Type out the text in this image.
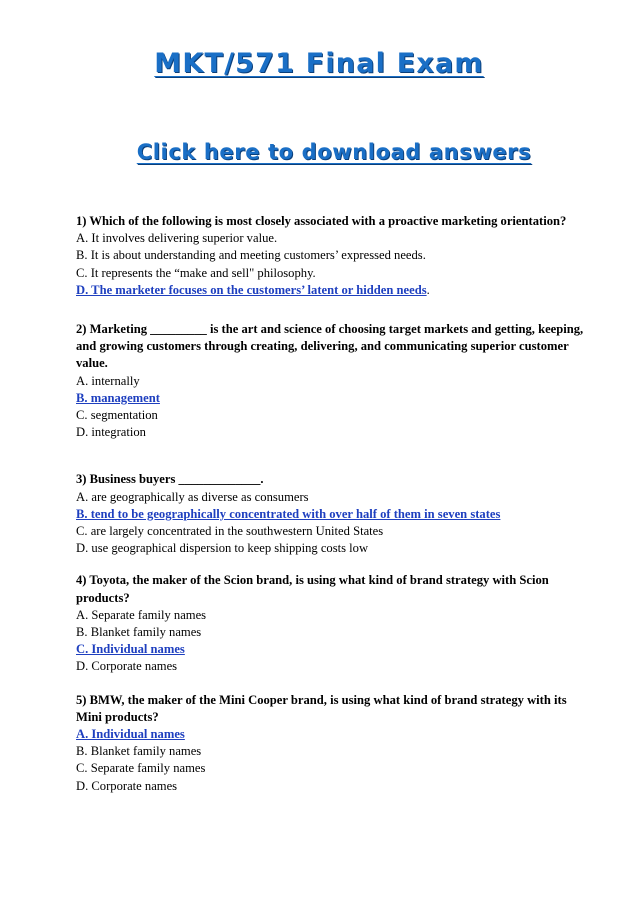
MKT/571 Final Exam
Click here to download answers

1) Which of the following is most closely associated with a proactive marketing orientation?

A. It involves delivering superior value.

B. It is about understanding and meeting customers’ expressed needs.

C. It represents the “make and sell" philosophy.

D. The marketer focuses on the customers’ latent or hidden needs.

2) Marketing _________ is the art and science of choosing target markets and getting, keeping, and growing customers through creating, delivering, and communicating superior customer value.

A. internally

B. management

C. segmentation

D. integration

3) Business buyers _____________.

A. are geographically as diverse as consumers

B. tend to be geographically concentrated with over half of them in seven states

C. are largely concentrated in the southwestern United States

D. use geographical dispersion to keep shipping costs low

4) Toyota, the maker of the Scion brand, is using what kind of brand strategy with Scion products?

A. Separate family names

B. Blanket family names

C. Individual names

D. Corporate names

5) BMW, the maker of the Mini Cooper brand, is using what kind of brand strategy with its Mini products?

A. Individual names

B. Blanket family names

C. Separate family names

D. Corporate names
